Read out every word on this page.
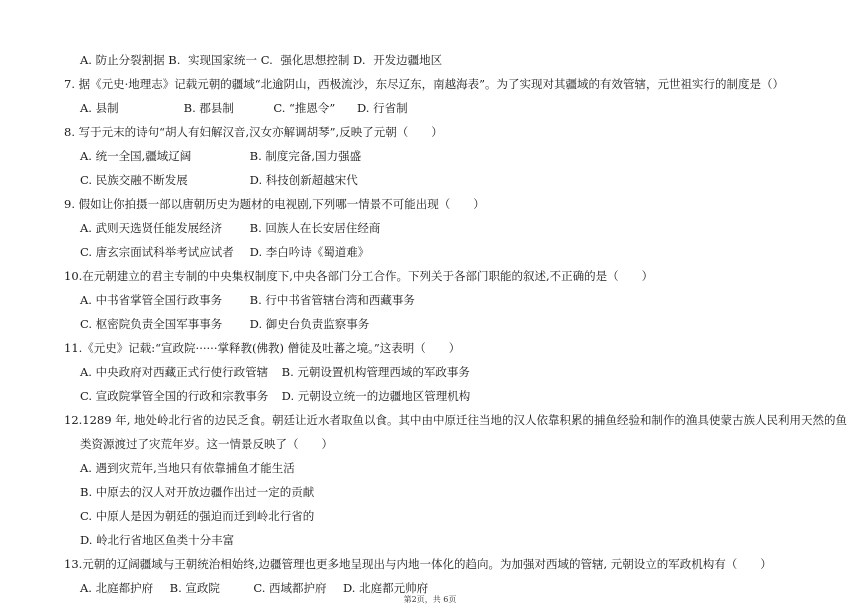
A. 防止分裂割据 B. 实现国家统一 C. 强化思想控制 D. 开发边疆地区
7. 据《元史·地理志》记载元朝的疆域“北逾阴山，西极流沙，东尽辽东，南越海表”。为了实现对其疆域的有效管辖，元世祖实行的制度是（）
A. 县制	B. 郡县制	C. “推恩令” D. 行省制
8. 写于元末的诗句“胡人有妇解汉音,汉女亦解调胡琴”,反映了元朝（　　）
A. 统一全国,疆域辽阔	B. 制度完备,国力强盛
C. 民族交融不断发展	D. 科技创新超越宋代
9. 假如让你拍摄一部以唐朝历史为题材的电视剧,下列哪一情景不可能出现（　　）
A. 武则天选贤任能发展经济 B. 回族人在长安居住经商
C. 唐玄宗面试科举考试应试者 D. 李白吟诗《蜀道难》
10.在元朝建立的君主专制的中央集权制度下,中央各部门分工合作。下列关于各部门职能的叙述,不正确的是（　　）
A. 中书省掌管全国行政事务 B. 行中书省管辖台湾和西藏事务
C. 枢密院负责全国军事事务 D. 御史台负责监察事务
11.《元史》记载:“宣政院······掌释教(佛教) 僧徒及吐蕃之境。”这表明（　　）
A. 中央政府对西藏正式行使行政管辖 B. 元朝设置机构管理西域的军政事务
C. 宣政院掌管全国的行政和宗教事务 D. 元朝设立统一的边疆地区管理机构
12.1289 年, 地处岭北行省的边民乏食。朝廷让近水者取鱼以食。其中由中原迁往当地的汉人依靠积累的捕鱼经验和制作的渔具使蒙古族人民利用天然的鱼
类资源渡过了灾荒年岁。这一情景反映了（　　）
A. 遇到灾荒年,当地只有依靠捕鱼才能生活
B. 中原去的汉人对开放边疆作出过一定的贡献
C. 中原人是因为朝廷的强迫而迁到岭北行省的
D. 岭北行省地区鱼类十分丰富
13.元朝的辽阔疆域与王朝统治相始终,边疆管理也更多地呈现出与内地一体化的趋向。为加强对西域的管辖, 元朝设立的军政机构有（　　）
A. 北庭都护府 B. 宣政院	C. 西域都护府 D. 北庭都元帅府
第2页，共 6页
